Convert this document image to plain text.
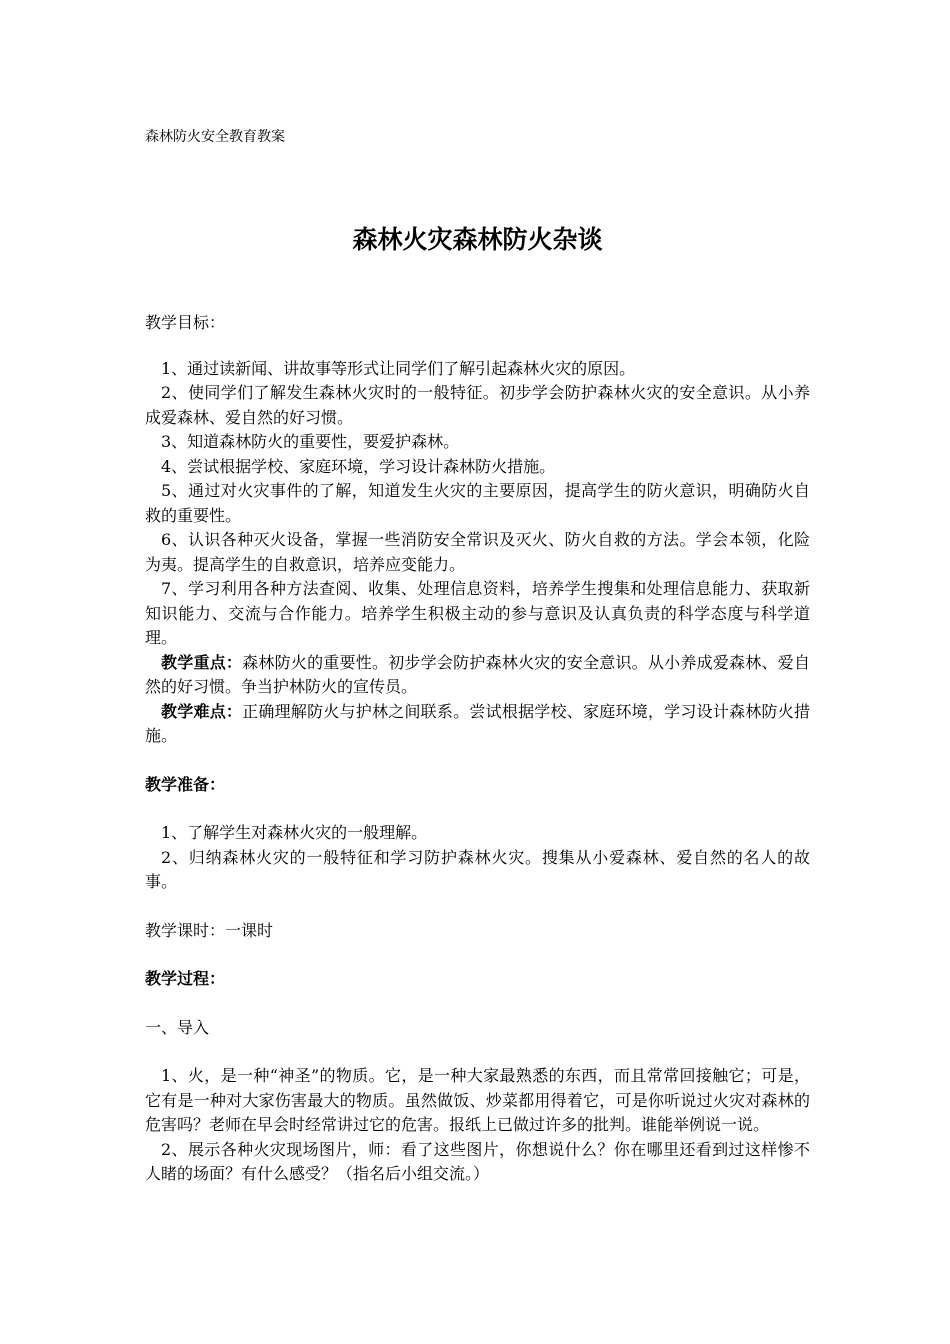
森林防火安全教育教案

森林火灾森林防火杂谈

教学目标：

1、通过读新闻、讲故事等形式让同学们了解引起森林火灾的原因。

2、使同学们了解发生森林火灾时的一般特征。初步学会防护森林火灾的安全意识。从小养成爱森林、爱自然的好习惯。

3、知道森林防火的重要性，要爱护森林。

4、尝试根据学校、家庭环境，学习设计森林防火措施。

5、通过对火灾事件的了解，知道发生火灾的主要原因，提高学生的防火意识，明确防火自救的重要性。

6、认识各种灭火设备，掌握一些消防安全常识及灭火、防火自救的方法。学会本领，化险为夷。提高学生的自救意识，培养应变能力。

7、学习利用各种方法查阅、收集、处理信息资料，培养学生搜集和处理信息能力、获取新知识能力、交流与合作能力。培养学生积极主动的参与意识及认真负责的科学态度与科学道理。

教学重点：森林防火的重要性。初步学会防护森林火灾的安全意识。从小养成爱森林、爱自然的好习惯。争当护林防火的宣传员。

教学难点：正确理解防火与护林之间联系。尝试根据学校、家庭环境，学习设计森林防火措施。

教学准备：

1、了解学生对森林火灾的一般理解。

2、归纳森林火灾的一般特征和学习防护森林火灾。搜集从小爱森林、爱自然的名人的故事。

教学课时：一课时

教学过程：

一、导入

1、火，是一种“神圣”的物质。它，是一种大家最熟悉的东西，而且常常回接触它；可是，它有是一种对大家伤害最大的物质。虽然做饭、炒菜都用得着它，可是你听说过火灾对森林的危害吗？老师在早会时经常讲过它的危害。报纸上已做过许多的批判。谁能举例说一说。

2、展示各种火灾现场图片，师：看了这些图片，你想说什么？你在哪里还看到过这样惨不人睹的场面？有什么感受？（指名后小组交流。）
